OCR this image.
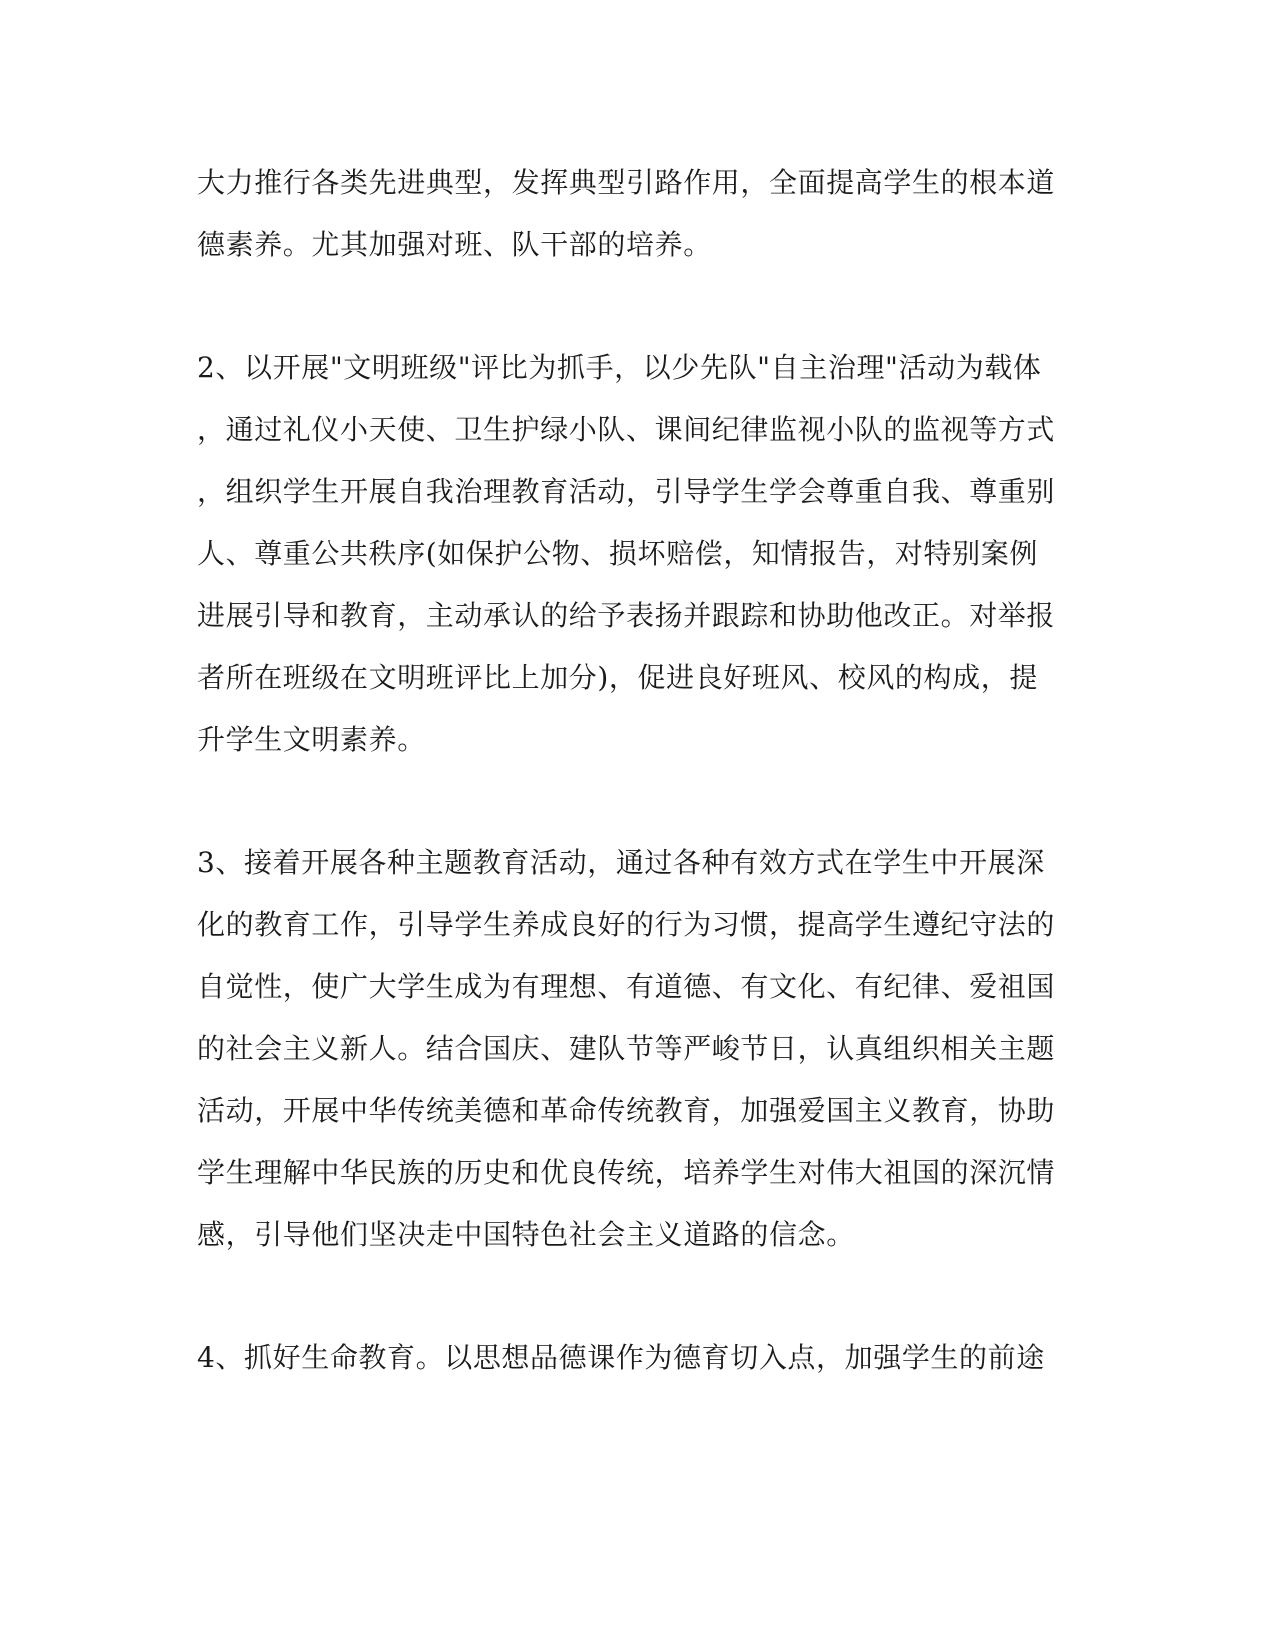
大力推行各类先进典型，发挥典型引路作用，全面提高学生的根本道
德素养。尤其加强对班、队干部的培养。
2、以开展"文明班级"评比为抓手，以少先队"自主治理"活动为载体
，通过礼仪小天使、卫生护绿小队、课间纪律监视小队的监视等方式
，组织学生开展自我治理教育活动，引导学生学会尊重自我、尊重别
人、尊重公共秩序(如保护公物、损坏赔偿，知情报告，对特别案例
进展引导和教育，主动承认的给予表扬并跟踪和协助他改正。对举报
者所在班级在文明班评比上加分)，促进良好班风、校风的构成，提
升学生文明素养。
3、接着开展各种主题教育活动，通过各种有效方式在学生中开展深
化的教育工作，引导学生养成良好的行为习惯，提高学生遵纪守法的
自觉性，使广大学生成为有理想、有道德、有文化、有纪律、爱祖国
的社会主义新人。结合国庆、建队节等严峻节日，认真组织相关主题
活动，开展中华传统美德和革命传统教育，加强爱国主义教育，协助
学生理解中华民族的历史和优良传统，培养学生对伟大祖国的深沉情
感，引导他们坚决走中国特色社会主义道路的信念。
4、抓好生命教育。以思想品德课作为德育切入点，加强学生的前途
